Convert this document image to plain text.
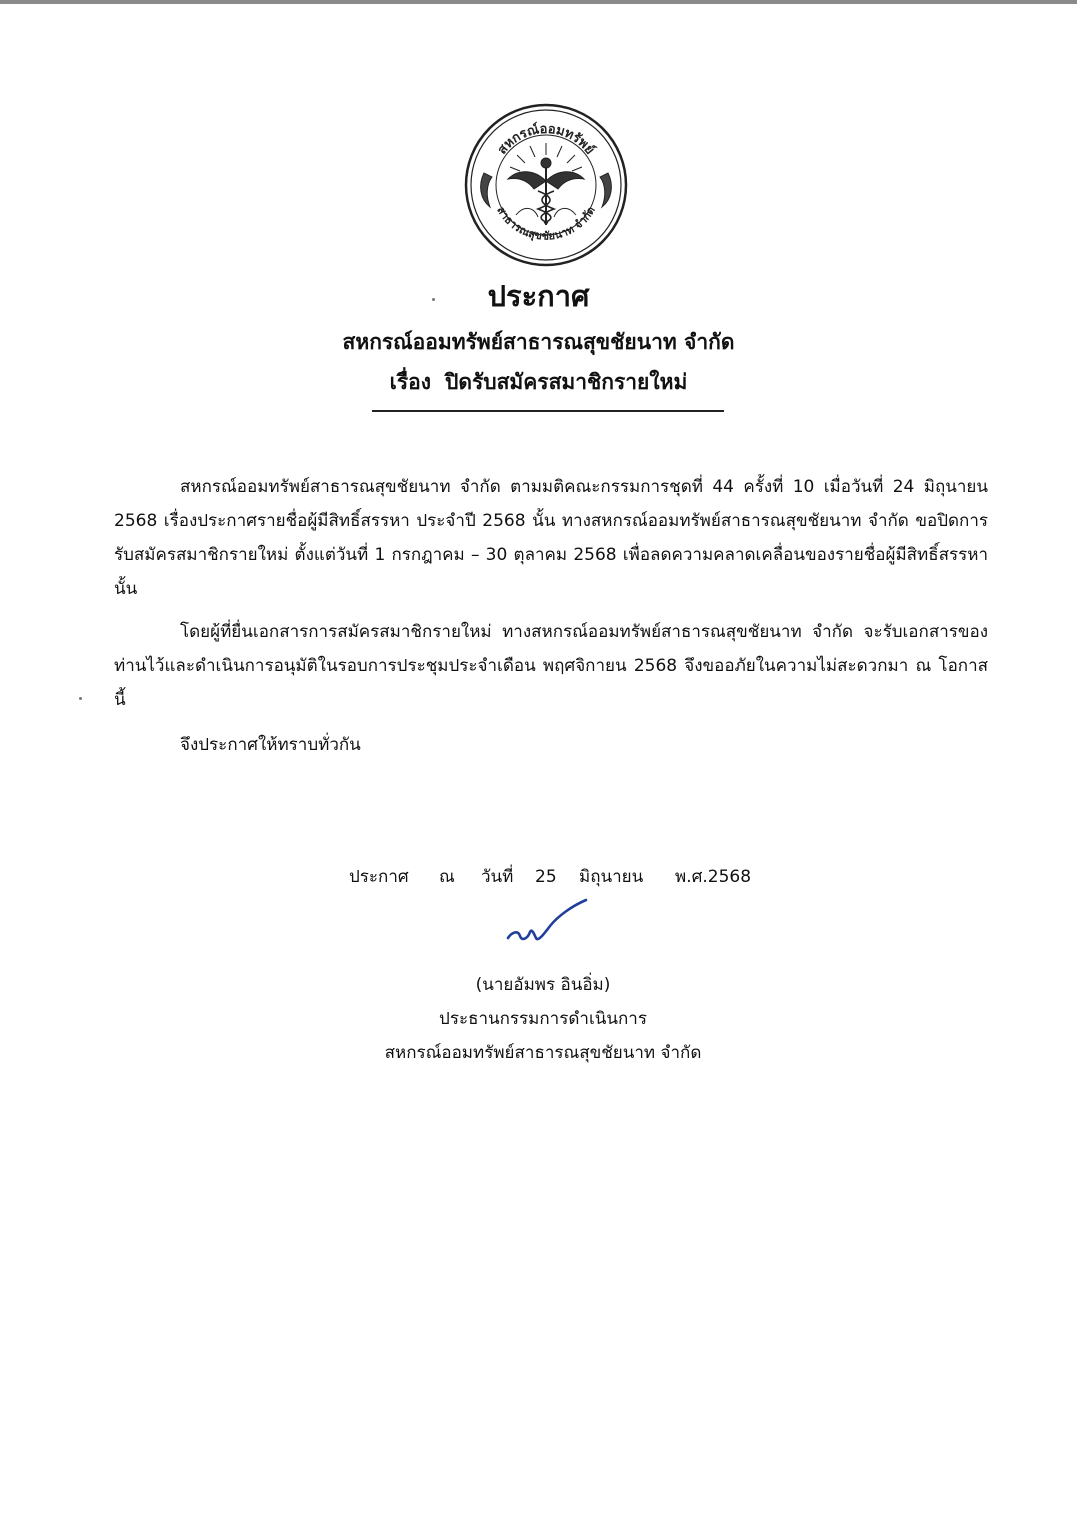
สหกรณ์ออมทรัพย์
สาธารณสุขชัยนาท จำกัด
ประกาศ
สหกรณ์ออมทรัพย์สาธารณสุขชัยนาท จำกัด
เรื่อง ปิดรับสมัครสมาชิกรายใหม่

สหกรณ์ออมทรัพย์สาธารณสุขชัยนาท จำกัด ตามมติคณะกรรมการชุดที่ 44 ครั้งที่ 10 เมื่อวันที่ 24 มิถุนายน 2568 เรื่องประกาศรายชื่อผู้มีสิทธิ์สรรหา ประจำปี 2568 นั้น ทางสหกรณ์ออมทรัพย์สาธารณสุขชัยนาท จำกัด ขอปิดการรับสมัครสมาชิกรายใหม่ ตั้งแต่วันที่ 1 กรกฎาคม – 30 ตุลาคม 2568 เพื่อลดความคลาดเคลื่อนของรายชื่อผู้มีสิทธิ์สรรหา นั้น

โดยผู้ที่ยื่นเอกสารการสมัครสมาชิกรายใหม่ ทางสหกรณ์ออมทรัพย์สาธารณสุขชัยนาท จำกัด จะรับเอกสารของท่านไว้และดำเนินการอนุมัติในรอบการประชุมประจำเดือน พฤศจิกายน 2568 จึงขออภัยในความไม่สะดวกมา ณ โอกาสนี้

จึงประกาศให้ทราบทั่วกัน

ประกาศ ณ วันที่ 25 มิถุนายน พ.ศ.2568
(นายอัมพร อินอิ่ม)
ประธานกรรมการดำเนินการ
สหกรณ์ออมทรัพย์สาธารณสุขชัยนาท จำกัด
